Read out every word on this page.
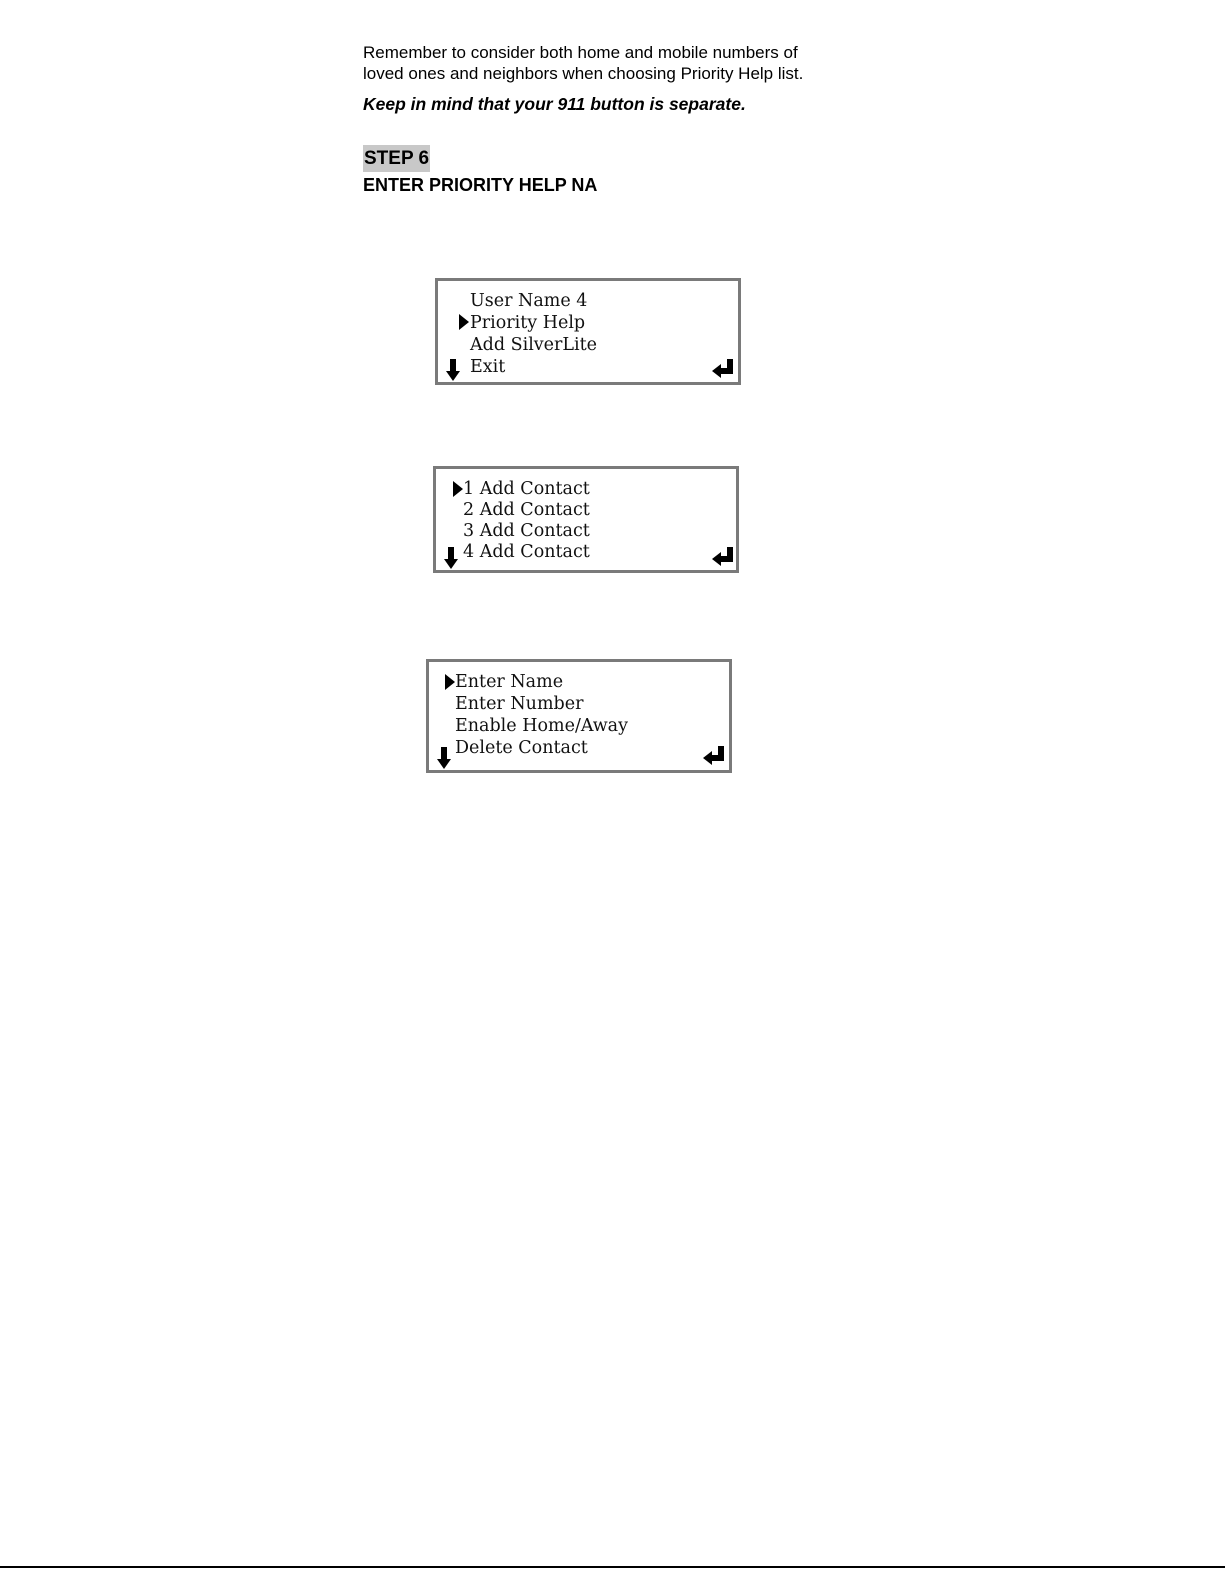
Remember to consider both home and mobile numbers of

loved ones and neighbors when choosing Priority Help list.

Keep in mind that your 911 button is separate.
STEP 6
ENTER PRIORITY HELP NA
User Name 4
Priority Help
Add SilverLite
Exit
1 Add Contact
2 Add Contact
3 Add Contact
4 Add Contact
Enter Name
Enter Number
Enable Home/Away
Delete Contact
